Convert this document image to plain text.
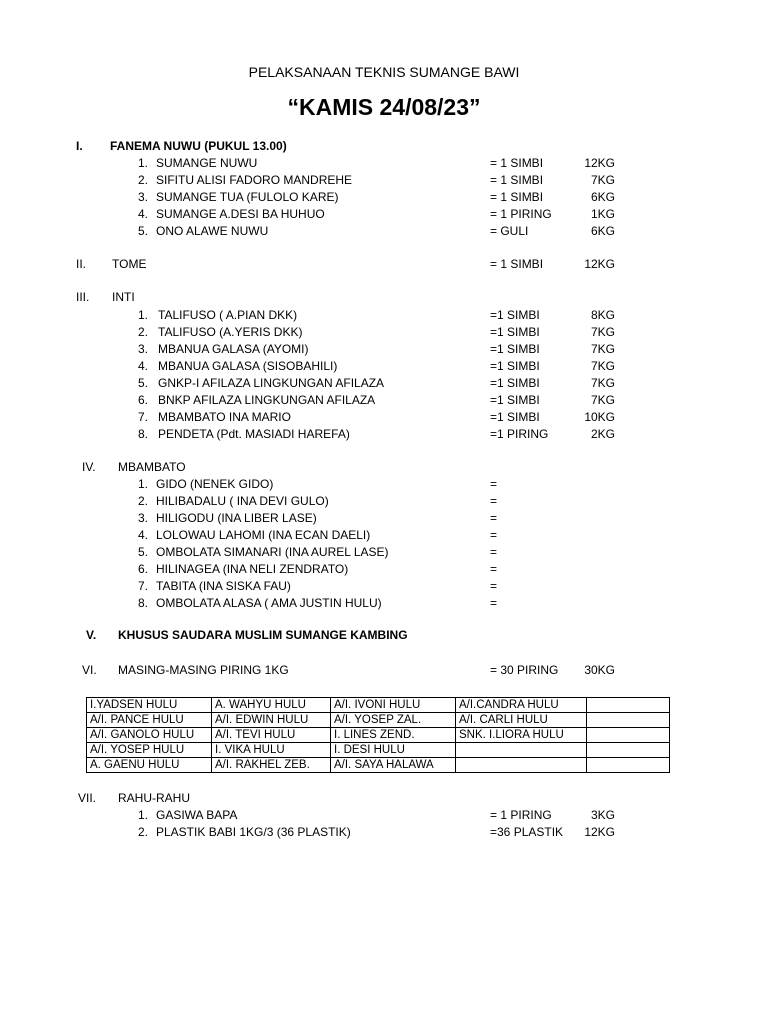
PELAKSANAAN TEKNIS SUMANGE BAWI
“KAMIS 24/08/23”
I. FANEMA NUWU (PUKUL 13.00)
1. SUMANGE NUWU	= 1 SIMBI	12KG
2. SIFITU ALISI FADORO MANDREHE	= 1 SIMBI	7KG
3. SUMANGE TUA (FULOLO KARE)	= 1 SIMBI	6KG
4. SUMANGE A.DESI BA HUHUO	= 1 PIRING	1KG
5. ONO ALAWE NUWU	= GULI	6KG
II. TOME	= 1 SIMBI	12KG
III. INTI
1. TALIFUSO ( A.PIAN DKK)	=1 SIMBI	8KG
2. TALIFUSO (A.YERIS DKK)	=1 SIMBI	7KG
3. MBANUA GALASA (AYOMI)	=1 SIMBI	7KG
4. MBANUA GALASA (SISOBAHILI)	=1 SIMBI	7KG
5. GNKP-I AFILAZA LINGKUNGAN AFILAZA	=1 SIMBI	7KG
6. BNKP AFILAZA LINGKUNGAN AFILAZA	=1 SIMBI	7KG
7. MBAMBATO INA MARIO	=1 SIMBI	10KG
8. PENDETA (Pdt. MASIADI HAREFA)	=1 PIRING	2KG
IV. MBAMBATO
1. GIDO (NENEK GIDO)	=
2. HILIBADALU ( INA DEVI GULO)	=
3. HILIGODU (INA LIBER LASE)	=
4. LOLOWAU LAHOMI (INA ECAN DAELI)	=
5. OMBOLATA SIMANARI (INA AUREL LASE)	=
6. HILINAGEA (INA NELI ZENDRATO)	=
7. TABITA (INA SISKA FAU)	=
8. OMBOLATA ALASA ( AMA JUSTIN HULU)	=
V. KHUSUS SAUDARA MUSLIM SUMANGE KAMBING
VI. MASING-MASING PIRING 1KG	= 30 PIRING	30KG
VII. RAHU-RAHU
1. GASIWA BAPA	= 1 PIRING	3KG
2. PLASTIK BABI 1KG/3 (36 PLASTIK)	=36 PLASTIK	12KG
I.YADSEN HULU	A. WAHYU HULU	A/I. IVONI HULU	A/I.CANDRA HULU	
A/I. PANCE HULU	A/I. EDWIN HULU	A/I. YOSEP ZAL.	A/I. CARLI HULU	
A/I. GANOLO HULU	A/I. TEVI HULU	I. LINES ZEND.	SNK. I.LIORA HULU	
A/I. YOSEP HULU	I. VIKA HULU	I. DESI HULU		
A. GAENU HULU	A/I. RAKHEL ZEB.	A/I. SAYA HALAWA		
